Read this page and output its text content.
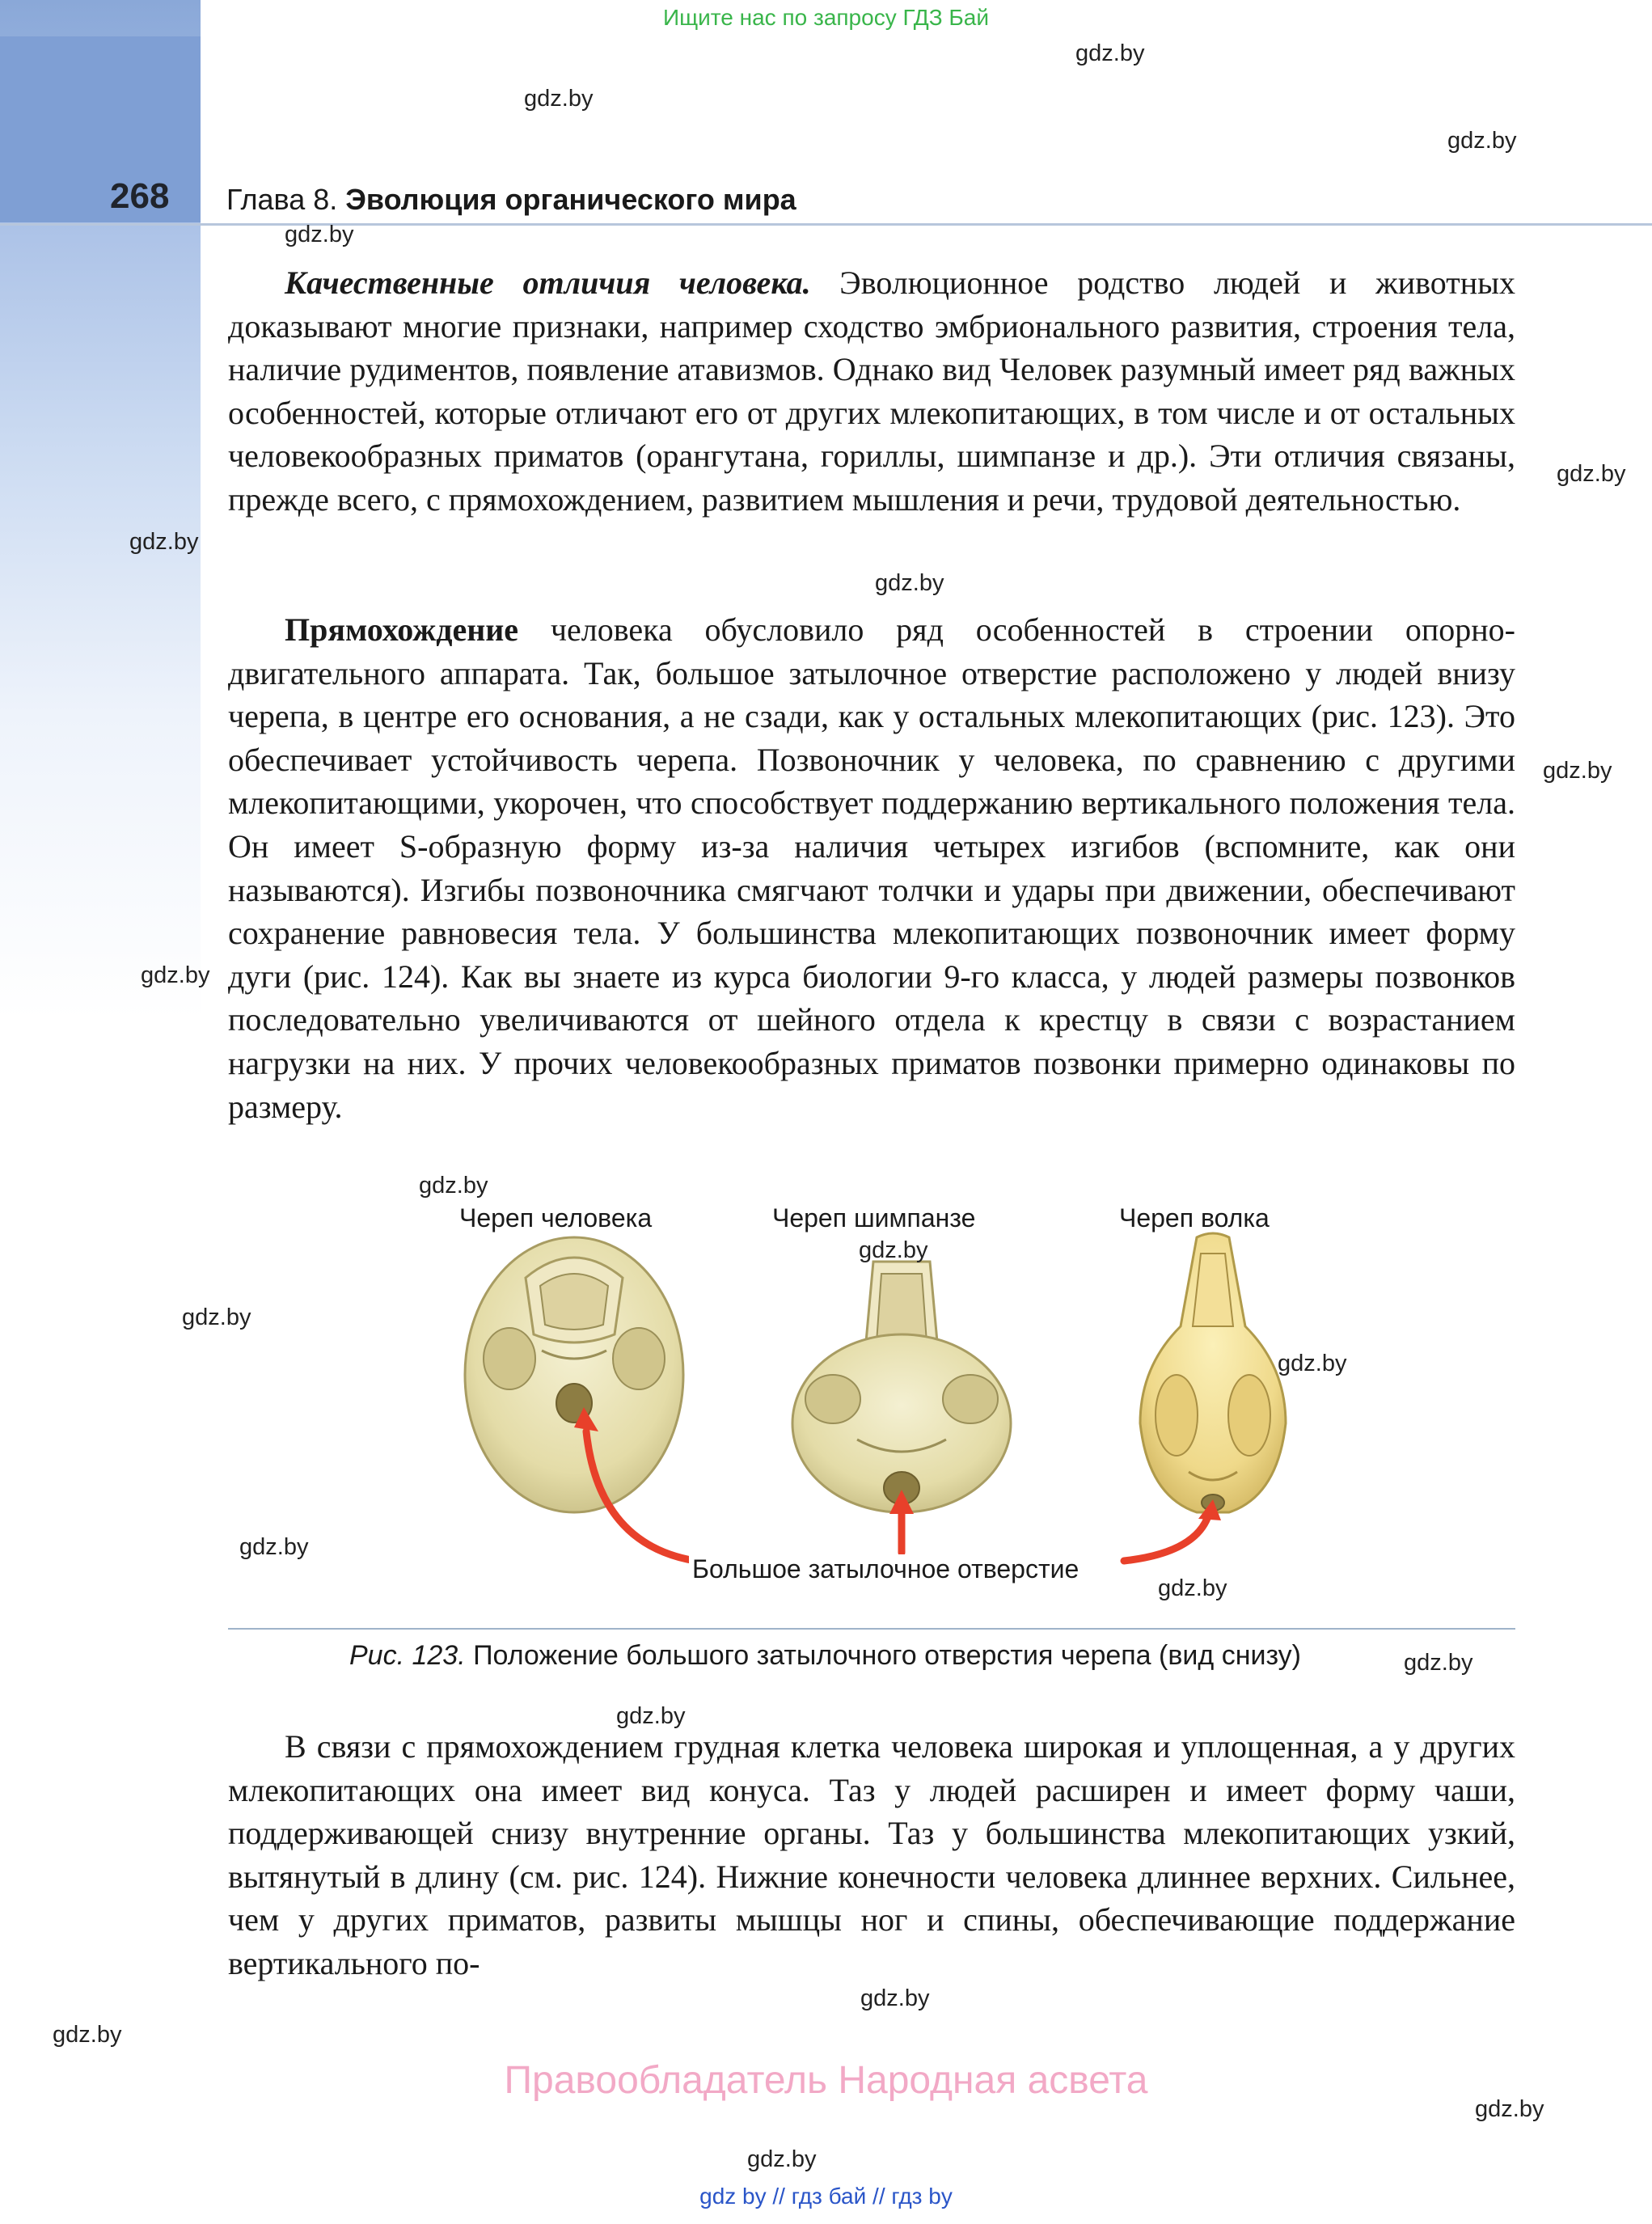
Ищите нас по запросу ГДЗ Бай
268 Глава 8. Эволюция органического мира
Качественные отличия человека. Эволюционное родство людей и животных доказывают многие признаки, например сходство эмбрионального развития, строения тела, наличие рудиментов, появление атавизмов. Однако вид Человек разумный имеет ряд важных особенностей, которые отличают его от других млекопитающих, в том числе и от остальных человекообразных приматов (орангутана, гориллы, шимпанзе и др.). Эти отличия связаны, прежде всего, с прямохождением, развитием мышления и речи, трудовой деятельностью.
Прямохождение человека обусловило ряд особенностей в строении опорно-двигательного аппарата. Так, большое затылочное отверстие расположено у людей внизу черепа, в центре его основания, а не сзади, как у остальных млекопитающих (рис. 123). Это обеспечивает устойчивость черепа. Позвоночник у человека, по сравнению с другими млекопитающими, укорочен, что способствует поддержанию вертикального положения тела. Он имеет S-образную форму из-за наличия четырех изгибов (вспомните, как они называются). Изгибы позвоночника смягчают толчки и удары при движении, обеспечивают сохранение равновесия тела. У большинства млекопитающих позвоночник имеет форму дуги (рис. 124). Как вы знаете из курса биологии 9-го класса, у людей размеры позвонков последовательно увеличиваются от шейного отдела к крестцу в связи с возрастанием нагрузки на них. У прочих человекообразных приматов позвонки примерно одинаковы по размеру.
Череп человека	Череп шимпанзе	Череп волка
Большое затылочное отверстие
Рис. 123. Положение большого затылочного отверстия черепа (вид снизу)
В связи с прямохождением грудная клетка человека широкая и уплощенная, а у других млекопитающих она имеет вид конуса. Таз у людей расширен и имеет форму чаши, поддерживающей снизу внутренние органы. Таз у большинства млекопитающих узкий, вытянутый в длину (см. рис. 124). Нижние конечности человека длиннее верхних. Сильнее, чем у других приматов, развиты мышцы ног и спины, обеспечивающие поддержание вертикального по-
gdz.by
gdz.by
gdz.by
gdz.by
gdz.by
gdz.by
gdz.by
gdz.by
gdz.by
gdz.by
gdz.by
gdz.by
gdz.by
gdz.by
gdz.by
gdz.by
gdz.by
gdz.by
gdz.by
gdz.by
gdz.by
Правообладатель Народная асвета
gdz by // гдз бай // гдз by
